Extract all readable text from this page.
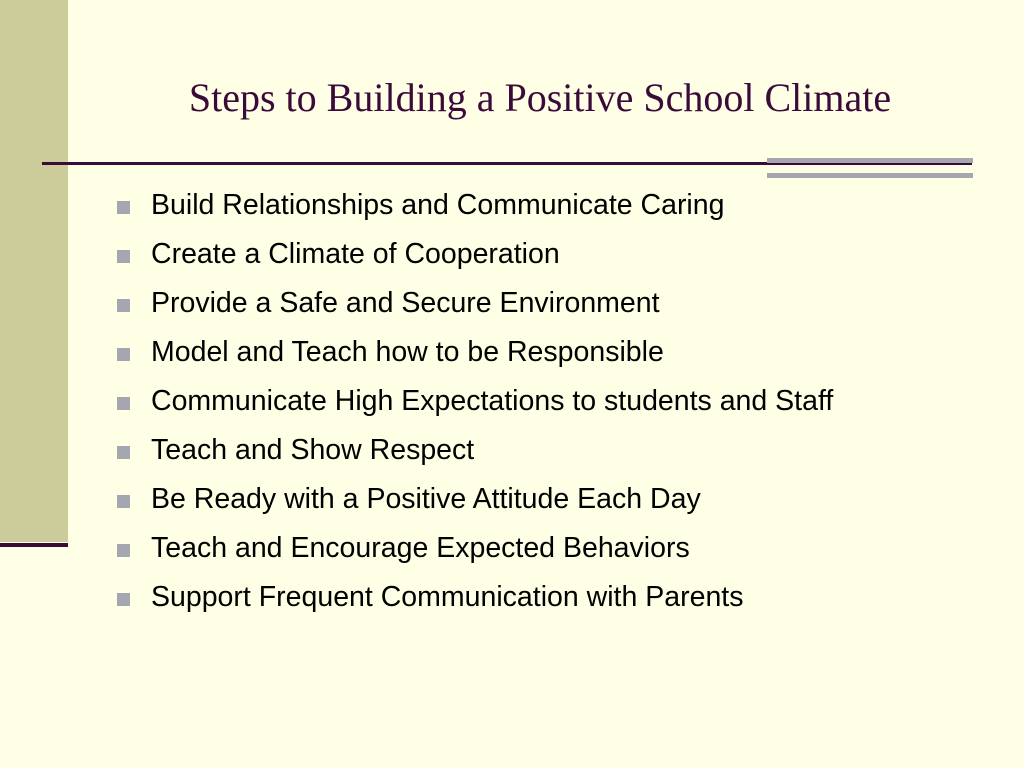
Steps to Building a Positive School Climate
Build Relationships and Communicate Caring
Create a Climate of Cooperation
Provide a Safe and Secure Environment
Model and Teach how to be Responsible
Communicate High Expectations to students and Staff
Teach and Show Respect
Be Ready with a Positive Attitude Each Day
Teach and Encourage Expected Behaviors
Support Frequent Communication with Parents
